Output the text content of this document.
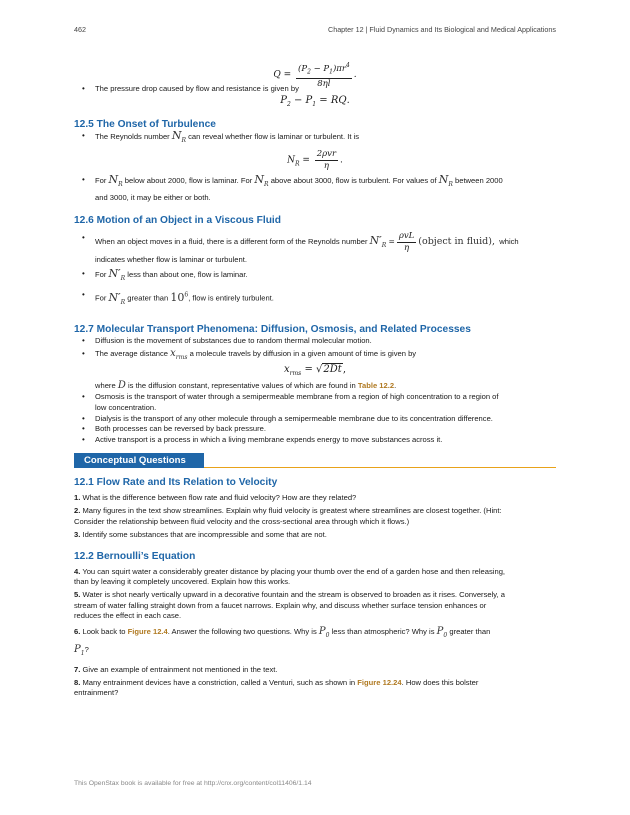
462	Chapter 12 | Fluid Dynamics and Its Biological and Medical Applications
$Q = \frac{(P_2 - P_1)\pi r^4}{8\eta l}$ .
• The pressure drop caused by flow and resistance is given by
$P_2 - P_1$ = RQ.
12.5 The Onset of Turbulence
• The Reynolds number $N_R$ can reveal whether flow is laminar or turbulent. It is
$N_R = \frac{\text{2ρvr}}{\eta}$ .
• For $N_R$ below about 2000, flow is laminar. For $N_R$ above about 3000, flow is turbulent. For values of $N_R$ between 2000
and 3000, it may be either or both.
12.6 Motion of an Object in a Viscous Fluid
• When an object moves in a fluid, there is a different form of the Reynolds number $N'_R = \frac{\text{ρvL}}{\eta}$ (object in fluid), which
indicates whether flow is laminar or turbulent.
• For $N'_R$ less than about one, flow is laminar.
• For $N'_R$ greater than $10^6$, flow is entirely turbulent.
12.7 Molecular Transport Phenomena: Diffusion, Osmosis, and Related Processes
• Diffusion is the movement of substances due to random thermal molecular motion.
• The average distance $x_{rms}$ a molecule travels by diffusion in a given amount of time is given by
$x_{rms} = √2Dt$,
where D is the diffusion constant, representative values of which are found in Table 12.2.
• Osmosis is the transport of water through a semipermeable membrane from a region of high concentration to a region of
low concentration.
• Dialysis is the transport of any other molecule through a semipermeable membrane due to its concentration difference.
• Both processes can be reversed by back pressure.
• Active transport is a process in which a living membrane expends energy to move substances across it.
Conceptual Questions
12.1 Flow Rate and Its Relation to Velocity

1. What is the difference between flow rate and fluid velocity? How are they related?

2. Many figures in the text show streamlines. Explain why fluid velocity is greatest where streamlines are closest together. (Hint:
Consider the relationship between fluid velocity and the cross-sectional area through which it flows.)

3. Identify some substances that are incompressible and some that are not.

12.2 Bernoulli’s Equation

4. You can squirt water a considerably greater distance by placing your thumb over the end of a garden hose and then releasing,
than by leaving it completely uncovered. Explain how this works.

5. Water is shot nearly vertically upward in a decorative fountain and the stream is observed to broaden as it rises. Conversely, a
stream of water falling straight down from a faucet narrows. Explain why, and discuss whether surface tension enhances or
reduces the effect in each case.

6. Look back to Figure 12.4. Answer the following two questions. Why is $P_0$ less than atmospheric? Why is $P_0$ greater than
$P_1$?

7. Give an example of entrainment not mentioned in the text.

8. Many entrainment devices have a constriction, called a Venturi, such as shown in Figure 12.24. How does this bolster
entrainment?

This OpenStax book is available for free at http://cnx.org/content/col11406/1.14
